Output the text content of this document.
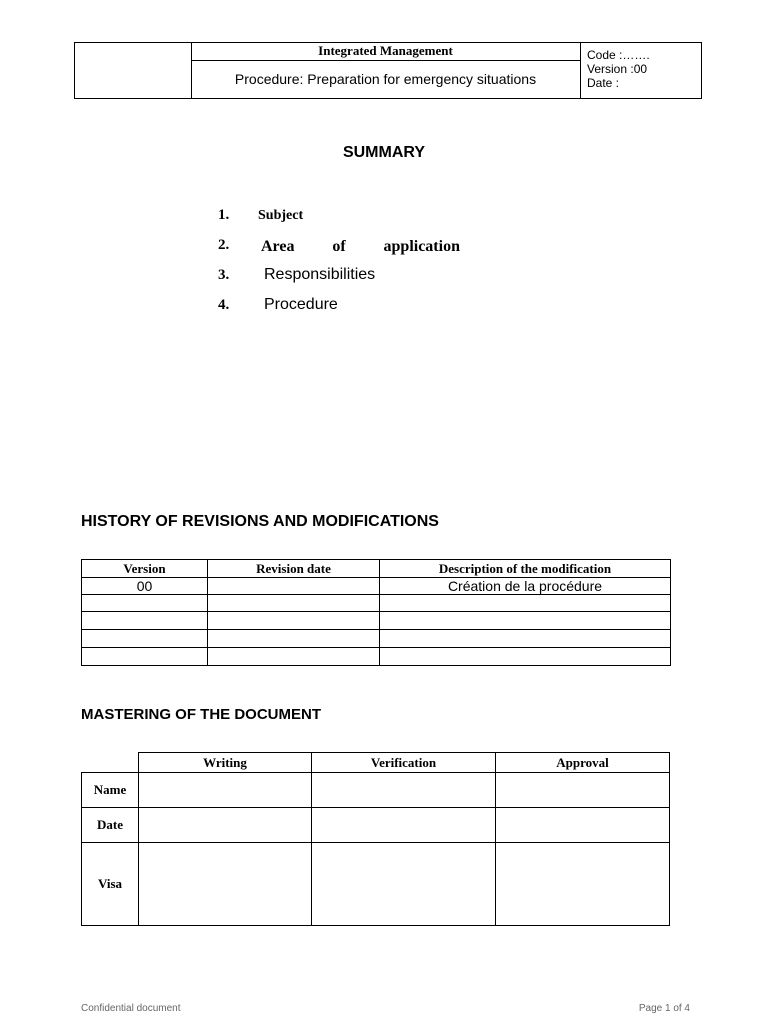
Integrated Management
Procedure: Preparation for emergency situations
Code :…….
Version :00
Date :
SUMMARY
1. Subject
2. Area of application
3. Responsibilities
4. Procedure
HISTORY OF REVISIONS AND MODIFICATIONS
Version	Revision date	Description of the modification
00		Création de la procédure

MASTERING OF THE DOCUMENT
	Writing	Verification	Approval
Name			
Date			
Visa			
Confidential document	Page 1 of 4
